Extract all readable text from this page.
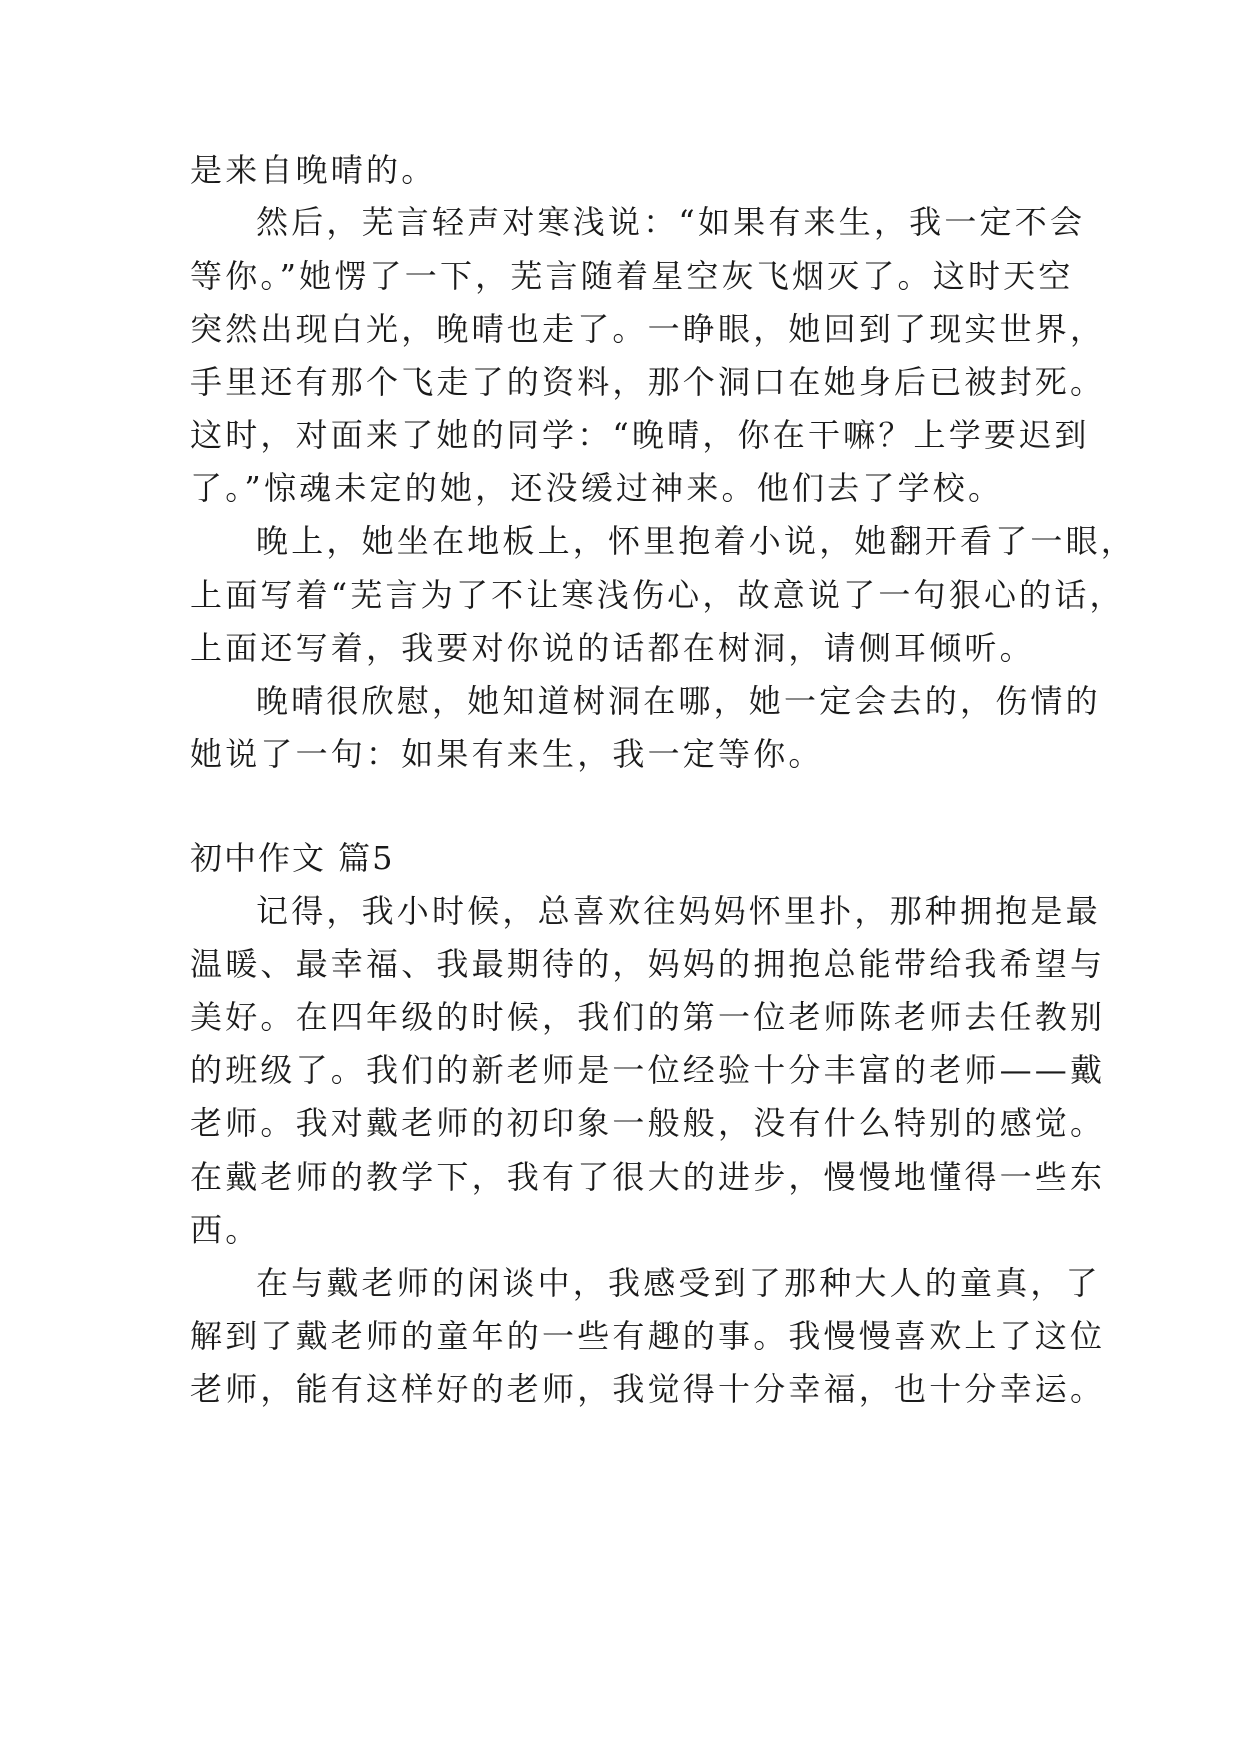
是来自晚晴的。
然后，芜言轻声对寒浅说：“如果有来生，我一定不会
等你。”她愣了一下，芜言随着星空灰飞烟灭了。这时天空
突然出现白光，晚晴也走了。一睁眼，她回到了现实世界，
手里还有那个飞走了的资料，那个洞口在她身后已被封死。
这时，对面来了她的同学：“晚晴，你在干嘛？上学要迟到
了。”惊魂未定的她，还没缓过神来。他们去了学校。
晚上，她坐在地板上，怀里抱着小说，她翻开看了一眼，
上面写着“芜言为了不让寒浅伤心，故意说了一句狠心的话，
上面还写着，我要对你说的话都在树洞，请侧耳倾听。
晚晴很欣慰，她知道树洞在哪，她一定会去的，伤情的
她说了一句：如果有来生，我一定等你。
初中作文 篇5
记得，我小时候，总喜欢往妈妈怀里扑，那种拥抱是最
温暖、最幸福、我最期待的，妈妈的拥抱总能带给我希望与
美好。在四年级的时候，我们的第一位老师陈老师去任教别
的班级了。我们的新老师是一位经验十分丰富的老师——戴
老师。我对戴老师的初印象一般般，没有什么特别的感觉。
在戴老师的教学下，我有了很大的进步，慢慢地懂得一些东
西。
在与戴老师的闲谈中，我感受到了那种大人的童真，了
解到了戴老师的童年的一些有趣的事。我慢慢喜欢上了这位
老师，能有这样好的老师，我觉得十分幸福，也十分幸运。
